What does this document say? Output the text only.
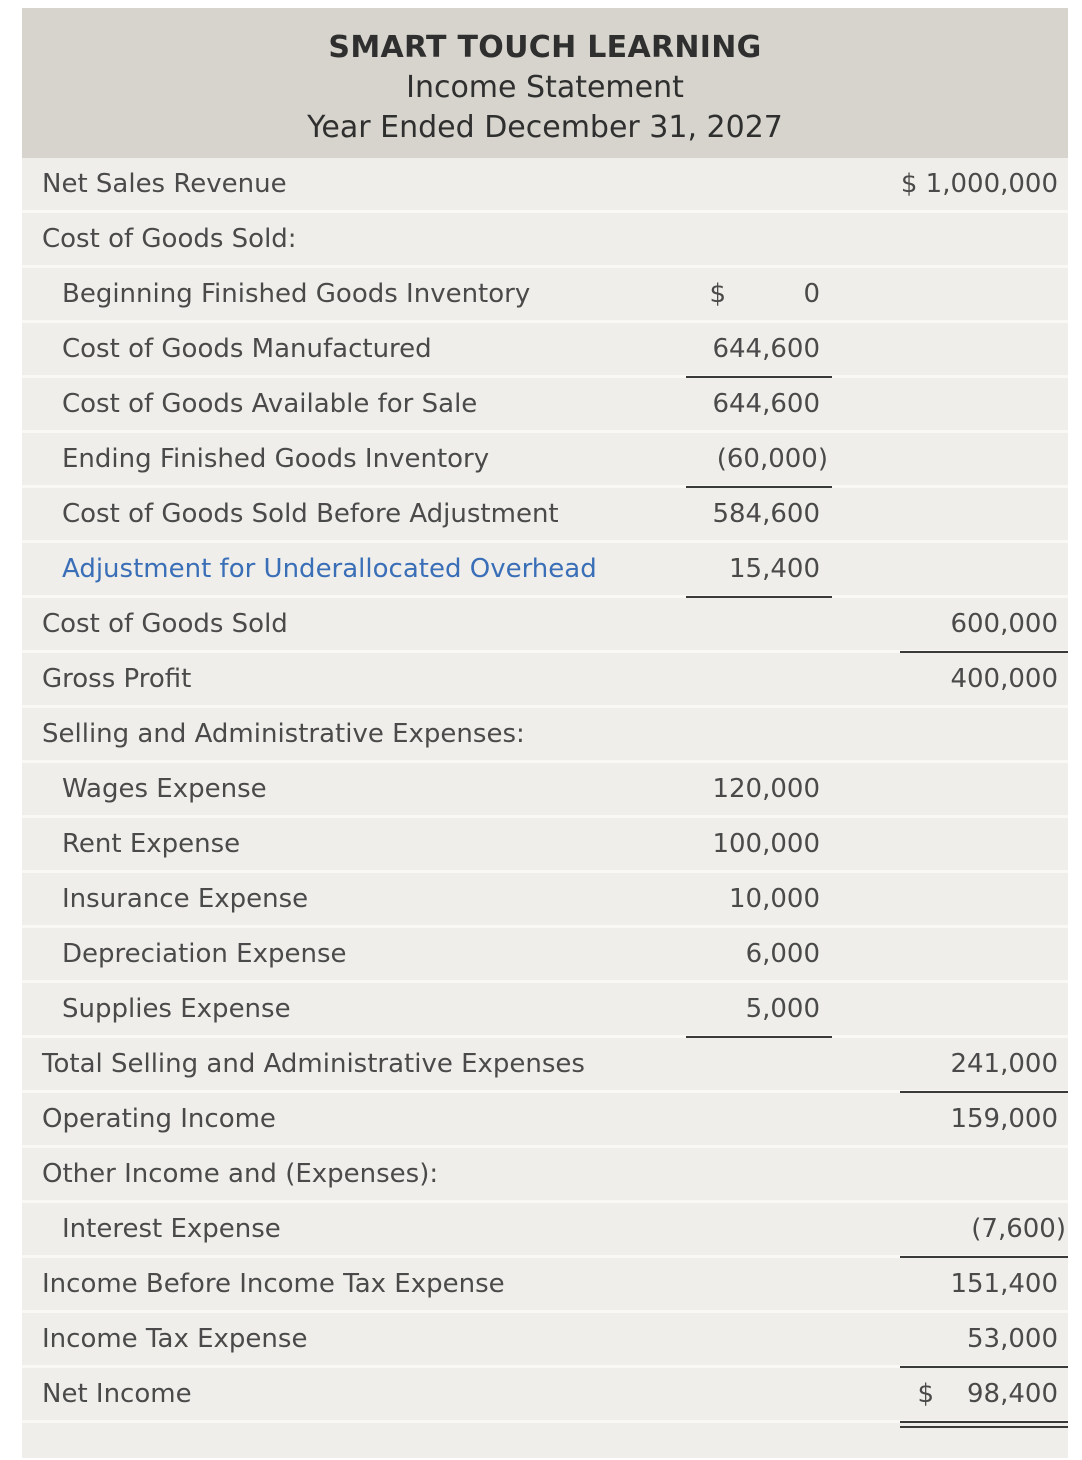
SMART TOUCH LEARNING
Income Statement
Year Ended December 31, 2027
Net Sales Revenue	$ 1,000,000
Cost of Goods Sold:
Beginning Finished Goods Inventory	$	0
Cost of Goods Manufactured	644,600
Cost of Goods Available for Sale	644,600
Ending Finished Goods Inventory	(60,000)
Cost of Goods Sold Before Adjustment	584,600
Adjustment for Underallocated Overhead	15,400
Cost of Goods Sold	600,000
Gross Profit	400,000
Selling and Administrative Expenses:
Wages Expense	120,000
Rent Expense	100,000
Insurance Expense	10,000
Depreciation Expense	6,000
Supplies Expense	5,000
Total Selling and Administrative Expenses	241,000
Operating Income	159,000
Other Income and (Expenses):
Interest Expense	(7,600)
Income Before Income Tax Expense	151,400
Income Tax Expense	53,000
Net Income	$	98,400
